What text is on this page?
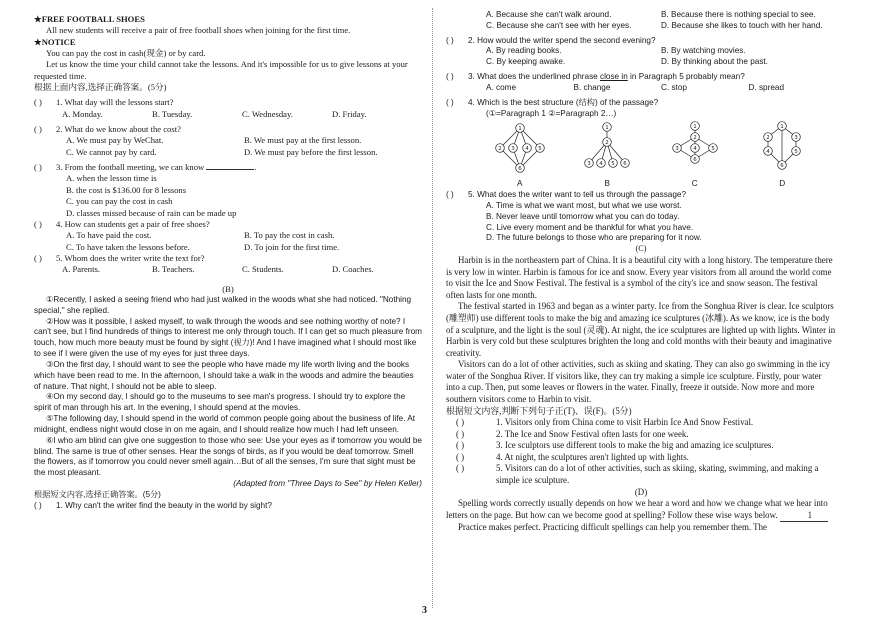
★FREE FOOTBALL SHOES

All new students will receive a pair of free football shoes when joining for the first time.

★NOTICE

You can pay the cost in cash(现金) or by card.

Let us know the time your child cannot take the lessons. And it's impossible for us to give lessons at your requested time.

根据上面内容,选择正确答案。(5分)

( )	1. What day will the lessons start?
A. Monday.	B. Tuesday.	C. Wednesday.	D. Friday.
( )	2. What do we know about the cost?
A. We must pay by WeChat.	B. We must pay at the first lesson.
C. We cannot pay by card.	D. We must pay before the first lesson.
( )	3. From the football meeting, we can know	.

A. when the lesson time is

B. the cost is $136.00 for 8 lessons

C. you can pay the cost in cash

D. classes missed because of rain can be made up

( )	4. How can students get a pair of free shoes?
A. To have paid the cost.	B. To pay the cost in cash.
C. To have taken the lessons before.	D. To join for the first time.
( )	5. Whom does the writer write the text for?
A. Parents.	B. Teachers.	C. Students.	D. Coaches.

(B)

①Recently, I asked a seeing friend who had just walked in the woods what she had noticed. "Nothing special," she replied.

②How was it possible, I asked myself, to walk through the woods and see nothing worthy of note? I can't see, but I find hundreds of things to interest me only through touch. If I can get so much pleasure from touch, how much more beauty must be found by sight (视力)! And I have imagined what I should most like to see if I were given the use of my eyes for just three days.

③On the first day, I should want to see the people who have made my life worth living and the books which have been read to me. In the afternoon, I should take a walk in the woods and admire the beauties of nature. That night, I should not be able to sleep.

④On my second day, I should go to the museums to see man's progress. I should try to explore the spirit of man through his art. In the evening, I should spend at the movies.

⑤The following day, I should spend in the world of common people going about the business of life. At midnight, endless night would close in on me again, and I should realize how much I had left unseen.

⑥I who am blind can give one suggestion to those who see: Use your eyes as if tomorrow you would be blind. The same is true of other senses. Hear the songs of birds, as if you would be deaf tomorrow. Smell the flowers, as if tomorrow you could never smell again…But of all the senses, I'm sure that sight must be the most pleasant.

(Adapted from "Three Days to See" by Helen Keller)

根据短文内容,选择正确答案。(5分)

( )	1. Why can't the writer find the beauty in the world by sight?
A. Because she can't walk around.	B. Because there is nothing special to see.
C. Because she can't see with her eyes.	D. Because she likes to touch with her hand.
( )	2. How would the writer spend the second evening?
A. By reading books.	B. By watching movies.
C. By keeping awake.	D. By thinking about the past.
( )	3. What does the underlined phrase close in in Paragraph 5 probably mean?
A. come	B. change	C. stop	D. spread
( )	4. Which is the best structure (结构) of the passage?

(①=Paragraph 1 ②=Paragraph 2…)

1
2 3 4 5
6
A
1
2
3 4 5 6
B
1
2
3	4	5
6
C
1
2	3
4	5
6
D
( )	5. What does the writer want to tell us through the passage?

A. Time is what we want most, but what we use worst.

B. Never leave until tomorrow what you can do today.

C. Live every moment and be thankful for what you have.

D. The future belongs to those who are preparing for it now.

(C)

Harbin is in the northeastern part of China. It is a beautiful city with a long history. The temperature there is very low in winter. Harbin is famous for ice and snow. Every year visitors from all around the world come to visit the Ice and Snow Festival. The festival is a symbol of the city's ice and snow season. The festival often lasts for one month.

The festival started in 1963 and began as a winter party. Ice from the Songhua River is clear. Ice sculptors (雕塑师) use different tools to make the big and amazing ice sculptures (冰雕). As we know, ice is the body of a sculpture, and the light is the soul (灵魂). At night, the ice sculptures are lighted up with lights. Winter in Harbin is very cold but these sculptures brighten the long and cold months with their beauty and imaginative creativity.

Visitors can do a lot of other activities, such as skiing and skating. They can also go swimming in the icy water of the Songhua River. If visitors like, they can try making a simple ice sculpture. Firstly, pour water into a cup. Then, put some leaves or flowers in the water. Finally, freeze it outside. Now more and more southern visitors come to Harbin to visit.

根据短文内容,判断下列句子正(T)、误(F)。(5分)

( )	1. Visitors only from China come to visit Harbin Ice And Snow Festival.
( )	2. The Ice and Snow Festival often lasts for one week.
( )	3. Ice sculptors use different tools to make the big and amazing ice sculptures.
( )	4. At night, the sculptures aren't lighted up with lights.
( )	5. Visitors can do a lot of other activities, such as skiing, skating, swimming, and making a simple ice sculpture.

(D)

Spelling words correctly usually depends on how we hear a word and how we change what we hear into letters on the page. But how can we become good at spelling? Follow these wise ways below.	1

Practice makes perfect. Practicing difficult spellings can help you remember them. The

3
